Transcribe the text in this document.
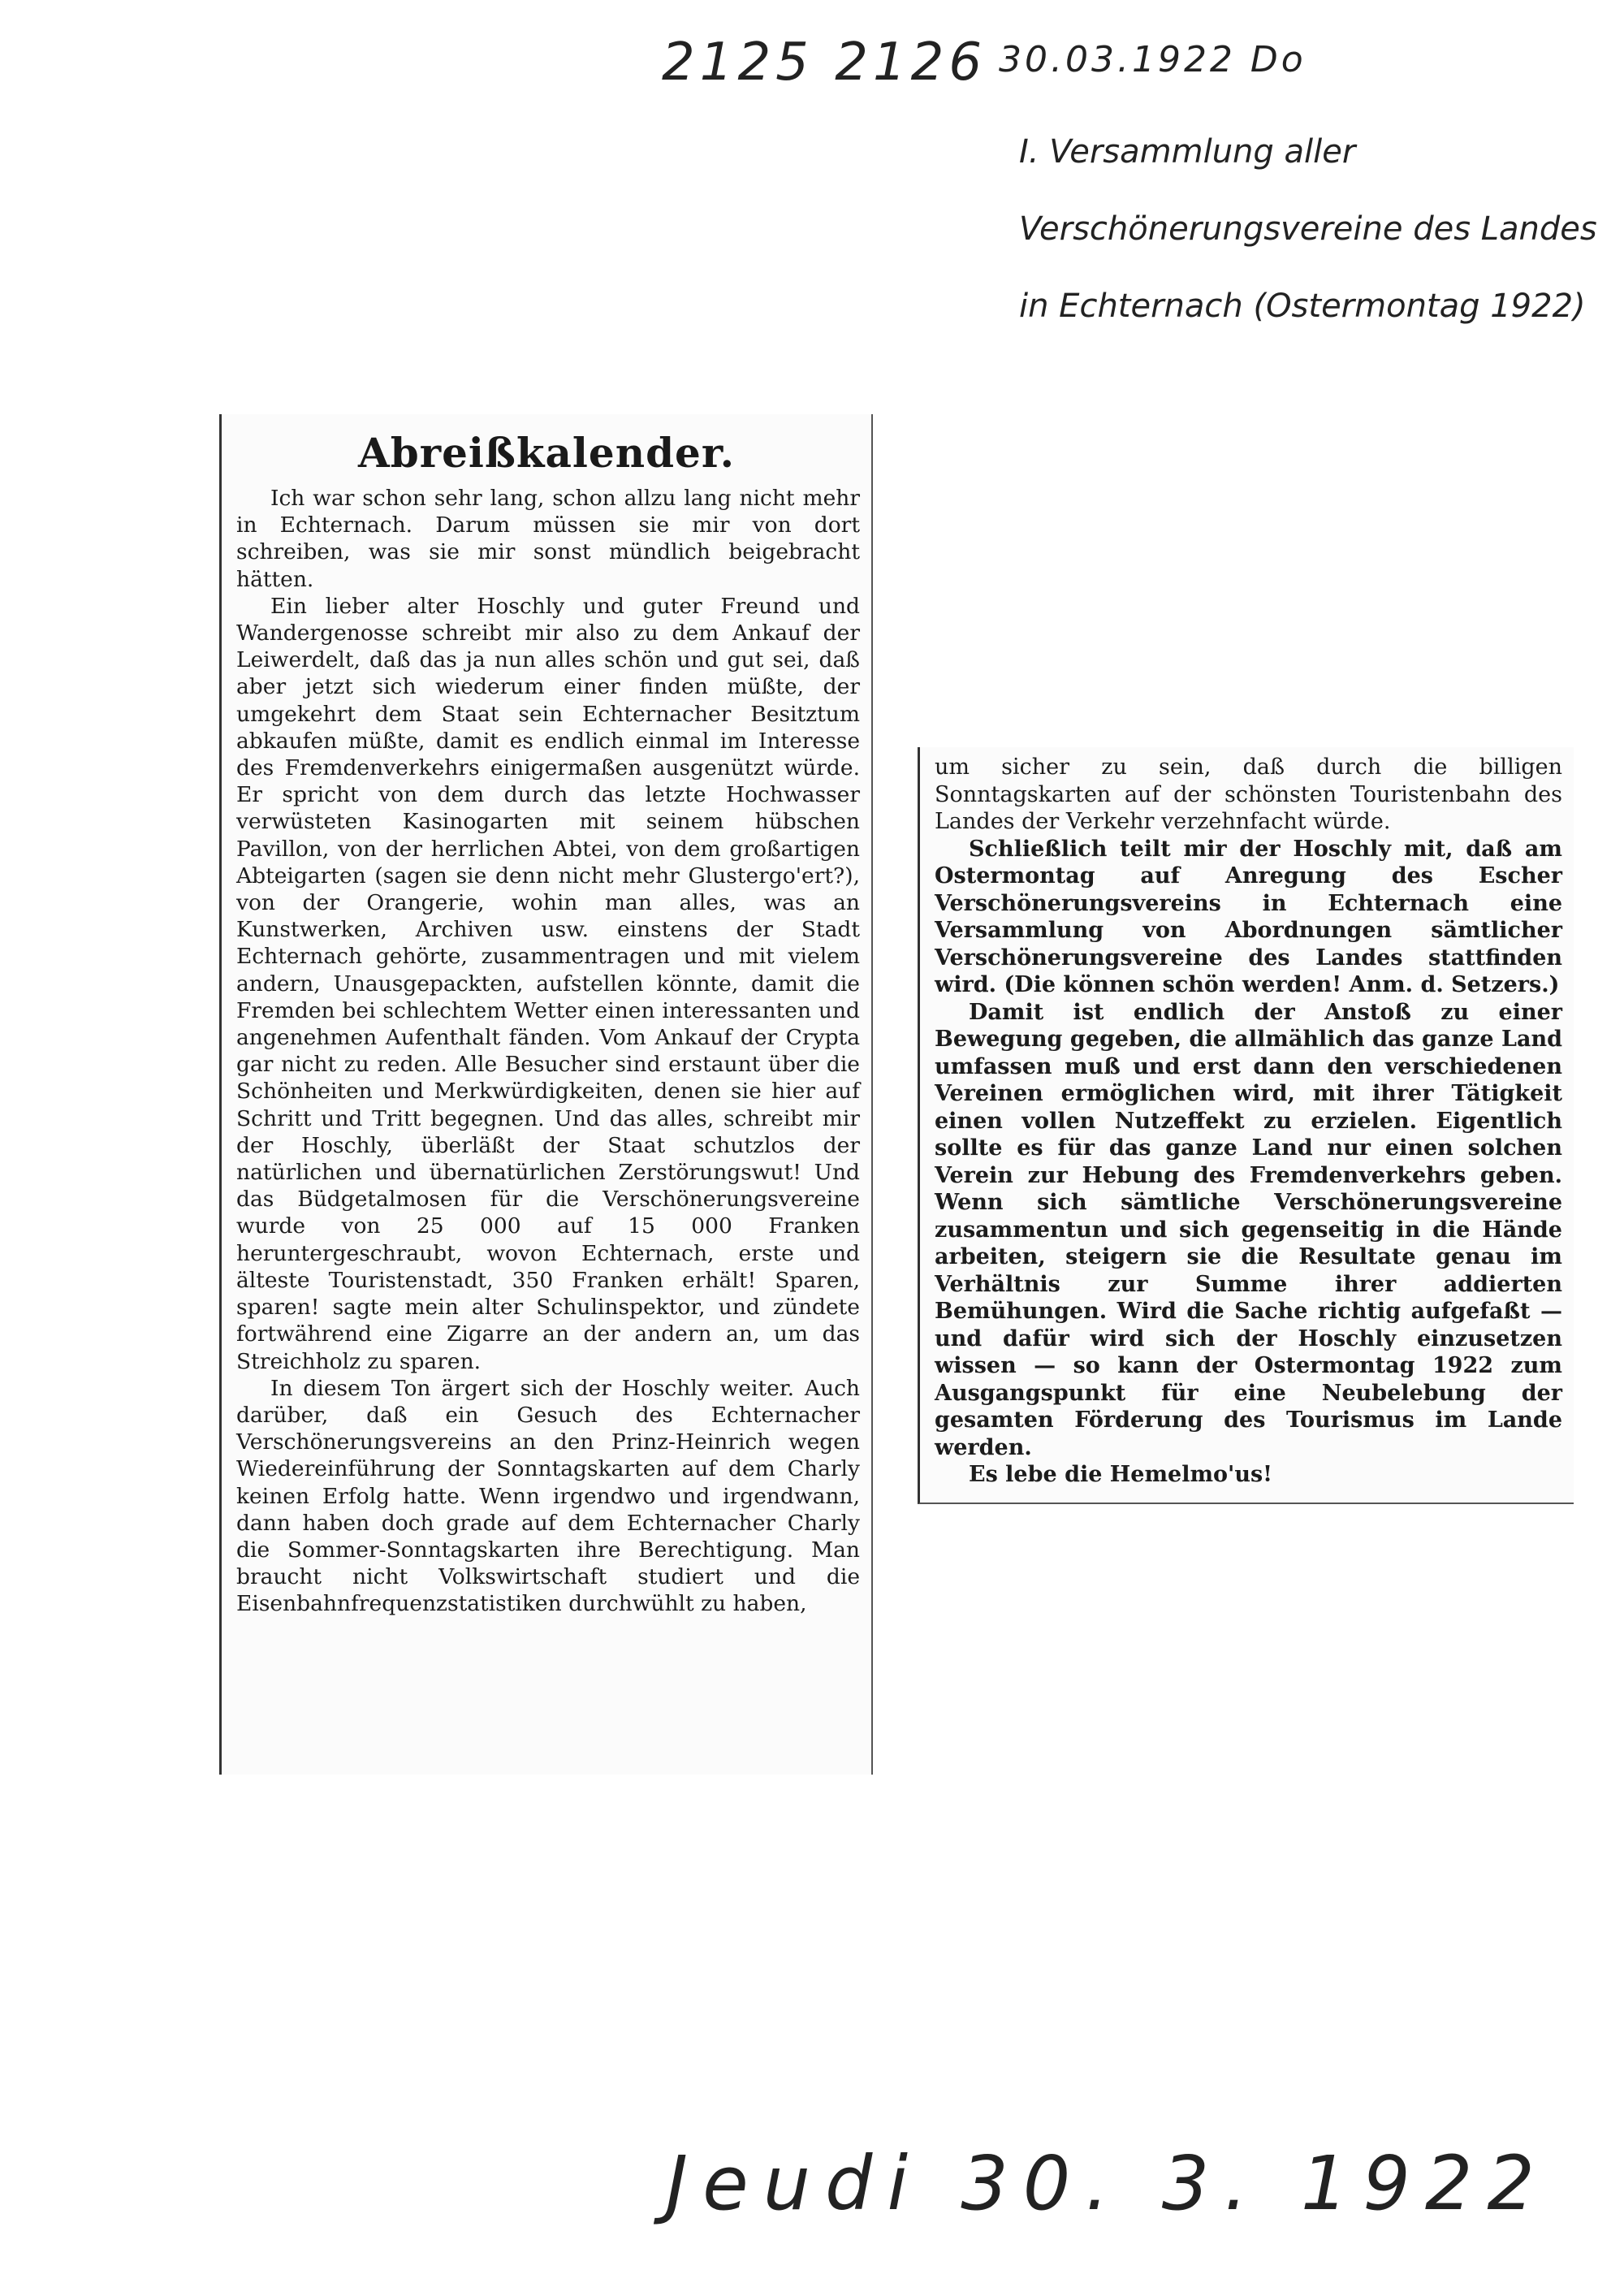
2125 2126 30.03.1922 Do
I. Versammlung aller Verschönerungsvereine des Landes in Echternach (Ostermontag 1922)
Abreißkalender.
Ich war schon sehr lang, schon allzu lang nicht mehr in Echternach. Darum müssen sie mir von dort schreiben, was sie mir sonst mündlich beigebracht hätten.
Ein lieber alter Hoschly und guter Freund und Wandergenosse schreibt mir also zu dem Ankauf der Leiwerdelt, daß das ja nun alles schön und gut sei, daß aber jetzt sich wiederum einer finden müßte, der umgekehrt dem Staat sein Echternacher Besitztum abkaufen müßte, damit es endlich einmal im Interesse des Fremdenverkehrs einigermaßen ausgenützt würde. Er spricht von dem durch das letzte Hochwasser verwüsteten Kasinogarten mit seinem hübschen Pavillon, von der herrlichen Abtei, von dem großartigen Abteigarten (sagen sie denn nicht mehr Glustergo'ert?), von der Orangerie, wohin man alles, was an Kunstwerken, Archiven usw. einstens der Stadt Echternach gehörte, zusammentragen und mit vielem andern, Unausgepackten, aufstellen könnte, damit die Fremden bei schlechtem Wetter einen interessanten und angenehmen Aufenthalt fänden. Vom Ankauf der Crypta gar nicht zu reden. Alle Besucher sind erstaunt über die Schönheiten und Merkwürdigkeiten, denen sie hier auf Schritt und Tritt begegnen. Und das alles, schreibt mir der Hoschly, überläßt der Staat schutzlos der natürlichen und übernatürlichen Zerstörungswut! Und das Büdgetalmosen für die Verschönerungsvereine wurde von 25 000 auf 15 000 Franken heruntergeschraubt, wovon Echternach, erste und älteste Touristenstadt, 350 Franken erhält! Sparen, sparen! sagte mein alter Schulinspektor, und zündete fortwährend eine Zigarre an der andern an, um das Streichholz zu sparen.
In diesem Ton ärgert sich der Hoschly weiter. Auch darüber, daß ein Gesuch des Echternacher Verschönerungsvereins an den Prinz-Heinrich wegen Wiedereinführung der Sonntagskarten auf dem Charly keinen Erfolg hatte. Wenn irgendwo und irgendwann, dann haben doch grade auf dem Echternacher Charly die Sommer-Sonntagskarten ihre Berechtigung. Man braucht nicht Volkswirtschaft studiert und die Eisenbahnfrequenzstatistiken durchwühlt zu haben,
um sicher zu sein, daß durch die billigen Sonntagskarten auf der schönsten Touristenbahn des Landes der Verkehr verzehnfacht würde.
Schließlich teilt mir der Hoschly mit, daß am Ostermontag auf Anregung des Escher Verschönerungsvereins in Echternach eine Versammlung von Abordnungen sämtlicher Verschönerungsvereine des Landes stattfinden wird. (Die können schön werden! Anm. d. Setzers.)
Damit ist endlich der Anstoß zu einer Bewegung gegeben, die allmählich das ganze Land umfassen muß und erst dann den verschiedenen Vereinen ermöglichen wird, mit ihrer Tätigkeit einen vollen Nutzeffekt zu erzielen. Eigentlich sollte es für das ganze Land nur einen solchen Verein zur Hebung des Fremdenverkehrs geben. Wenn sich sämtliche Verschönerungsvereine zusammentun und sich gegenseitig in die Hände arbeiten, steigern sie die Resultate genau im Verhältnis zur Summe ihrer addierten Bemühungen. Wird die Sache richtig aufgefaßt — und dafür wird sich der Hoschly einzusetzen wissen — so kann der Ostermontag 1922 zum Ausgangspunkt für eine Neubelebung der gesamten Förderung des Tourismus im Lande werden.
Es lebe die Hemelmo'us!
Jeudi 30. 3. 1922
